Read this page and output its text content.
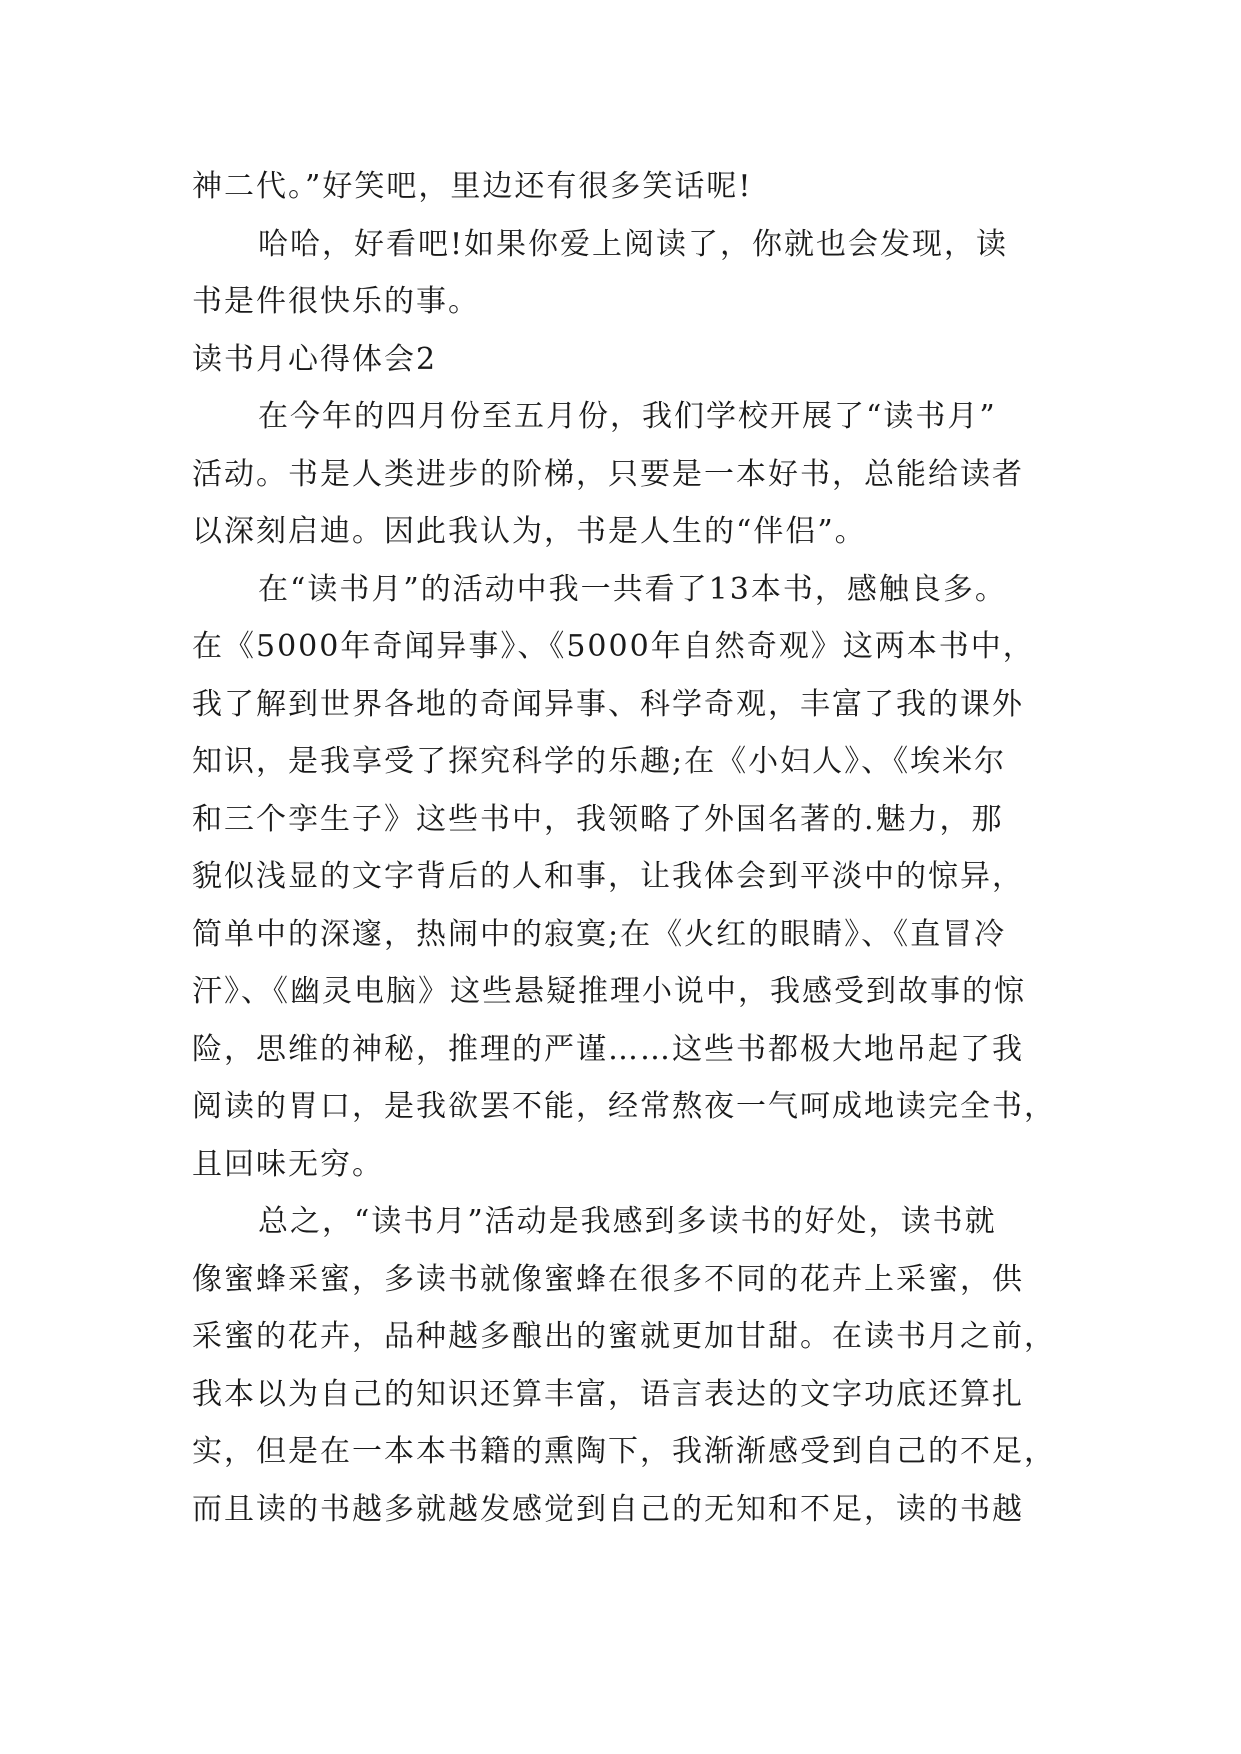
神二代。”好笑吧，里边还有很多笑话呢!
哈哈，好看吧!如果你爱上阅读了，你就也会发现，读
书是件很快乐的事。
读书月心得体会2
在今年的四月份至五月份，我们学校开展了“读书月”
活动。书是人类进步的阶梯，只要是一本好书，总能给读者
以深刻启迪。因此我认为，书是人生的“伴侣”。
在“读书月”的活动中我一共看了13本书，感触良多。
在《5000年奇闻异事》、《5000年自然奇观》这两本书中，
我了解到世界各地的奇闻异事、科学奇观，丰富了我的课外
知识，是我享受了探究科学的乐趣;在《小妇人》、《埃米尔
和三个孪生子》这些书中，我领略了外国名著的.魅力，那
貌似浅显的文字背后的人和事，让我体会到平淡中的惊异，
简单中的深邃，热闹中的寂寞;在《火红的眼睛》、《直冒冷
汗》、《幽灵电脑》这些悬疑推理小说中，我感受到故事的惊
险，思维的神秘，推理的严谨……这些书都极大地吊起了我
阅读的胃口，是我欲罢不能，经常熬夜一气呵成地读完全书，
且回味无穷。
总之，“读书月”活动是我感到多读书的好处，读书就
像蜜蜂采蜜，多读书就像蜜蜂在很多不同的花卉上采蜜，供
采蜜的花卉，品种越多酿出的蜜就更加甘甜。在读书月之前，
我本以为自己的知识还算丰富，语言表达的文字功底还算扎
实，但是在一本本书籍的熏陶下，我渐渐感受到自己的不足，
而且读的书越多就越发感觉到自己的无知和不足，读的书越
